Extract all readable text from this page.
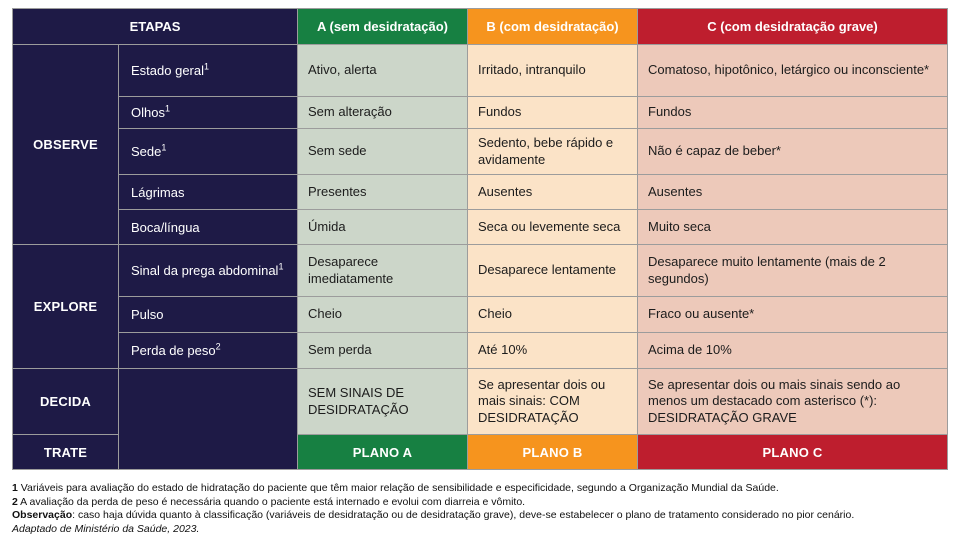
ETAPAS		A (sem desidratação)	B (com desidratação)	C (com desidratação grave)
OBSERVE	Estado geral$^1$	Ativo, alerta	Irritado, intranquilo	Comatoso, hipotônico, letárgico ou inconsciente*
	Olhos$^1$	Sem alteração	Fundos	Fundos
	Sede$^1$	Sem sede	Sedento, bebe rápido e avidamente	Não é capaz de beber*
	Lágrimas	Presentes	Ausentes	Ausentes
	Boca/língua	Úmida	Seca ou levemente seca	Muito seca
EXPLORE	Sinal da prega abdominal$^1$	Desaparece imediatamente	Desaparece lentamente	Desaparece muito lentamente (mais de 2 segundos)
	Pulso	Cheio	Cheio	Fraco ou ausente*
	Perda de peso$^2$	Sem perda	Até 10%	Acima de 10%
DECIDA		SEM SINAIS DE DESIDRATAÇÃO	Se apresentar dois ou mais sinais: COM DESIDRATAÇÃO	Se apresentar dois ou mais sinais sendo ao menos um destacado com asterisco (*): DESIDRATAÇÃO GRAVE
TRATE		PLANO A	PLANO B	PLANO C

1 Variáveis para avaliação do estado de hidratação do paciente que têm maior relação de sensibilidade e especificidade, segundo a Organização Mundial da Saúde.

2 A avaliação da perda de peso é necessária quando o paciente está internado e evolui com diarreia e vômito.

Observação: caso haja dúvida quanto à classificação (variáveis de desidratação ou de desidratação grave), deve-se estabelecer o plano de tratamento considerado no pior cenário.

Adaptado de Ministério da Saúde, 2023.
